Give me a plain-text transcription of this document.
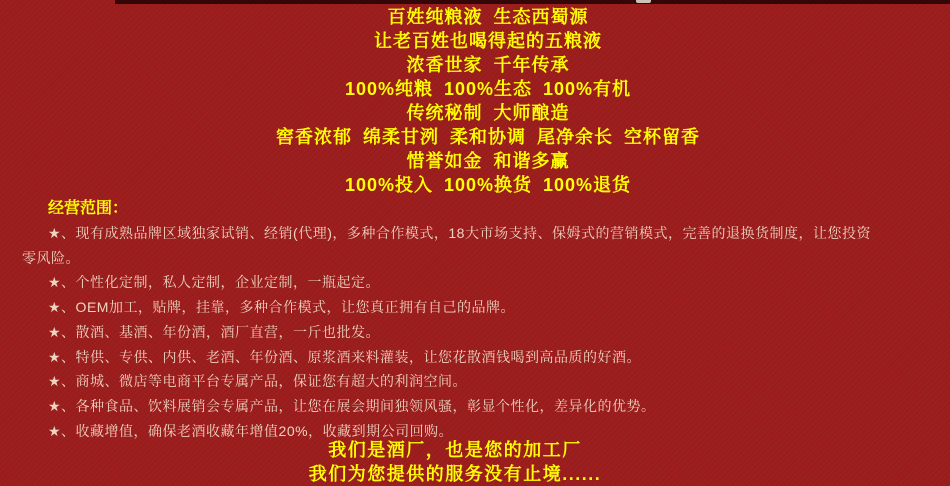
百姓纯粮液 生态西蜀源
让老百姓也喝得起的五粮液
浓香世家 千年传承
100%纯粮 100%生态 100%有机
传统秘制 大师酿造
窖香浓郁 绵柔甘洌 柔和协调 尾净余长 空杯留香
惜誉如金 和谐多赢
100%投入 100%换货 100%退货
经营范围：

★、现有成熟品牌区域独家试销、经销(代理)，多种合作模式，18大市场支持、保姆式的营销模式，完善的退换货制度，让您投资零风险。

★、个性化定制，私人定制，企业定制，一瓶起定。

★、OEM加工，贴牌，挂靠，多种合作模式，让您真正拥有自己的品牌。

★、散酒、基酒、年份酒，酒厂直营，一斤也批发。

★、特供、专供、内供、老酒、年份酒、原浆酒来料灌装，让您花散酒钱喝到高品质的好酒。

★、商城、微店等电商平台专属产品，保证您有超大的利润空间。

★、各种食品、饮料展销会专属产品，让您在展会期间独领风骚，彰显个性化，差异化的优势。

★、收藏增值，确保老酒收藏年增值20%，收藏到期公司回购。

我们是酒厂，也是您的加工厂
我们为您提供的服务没有止境......
